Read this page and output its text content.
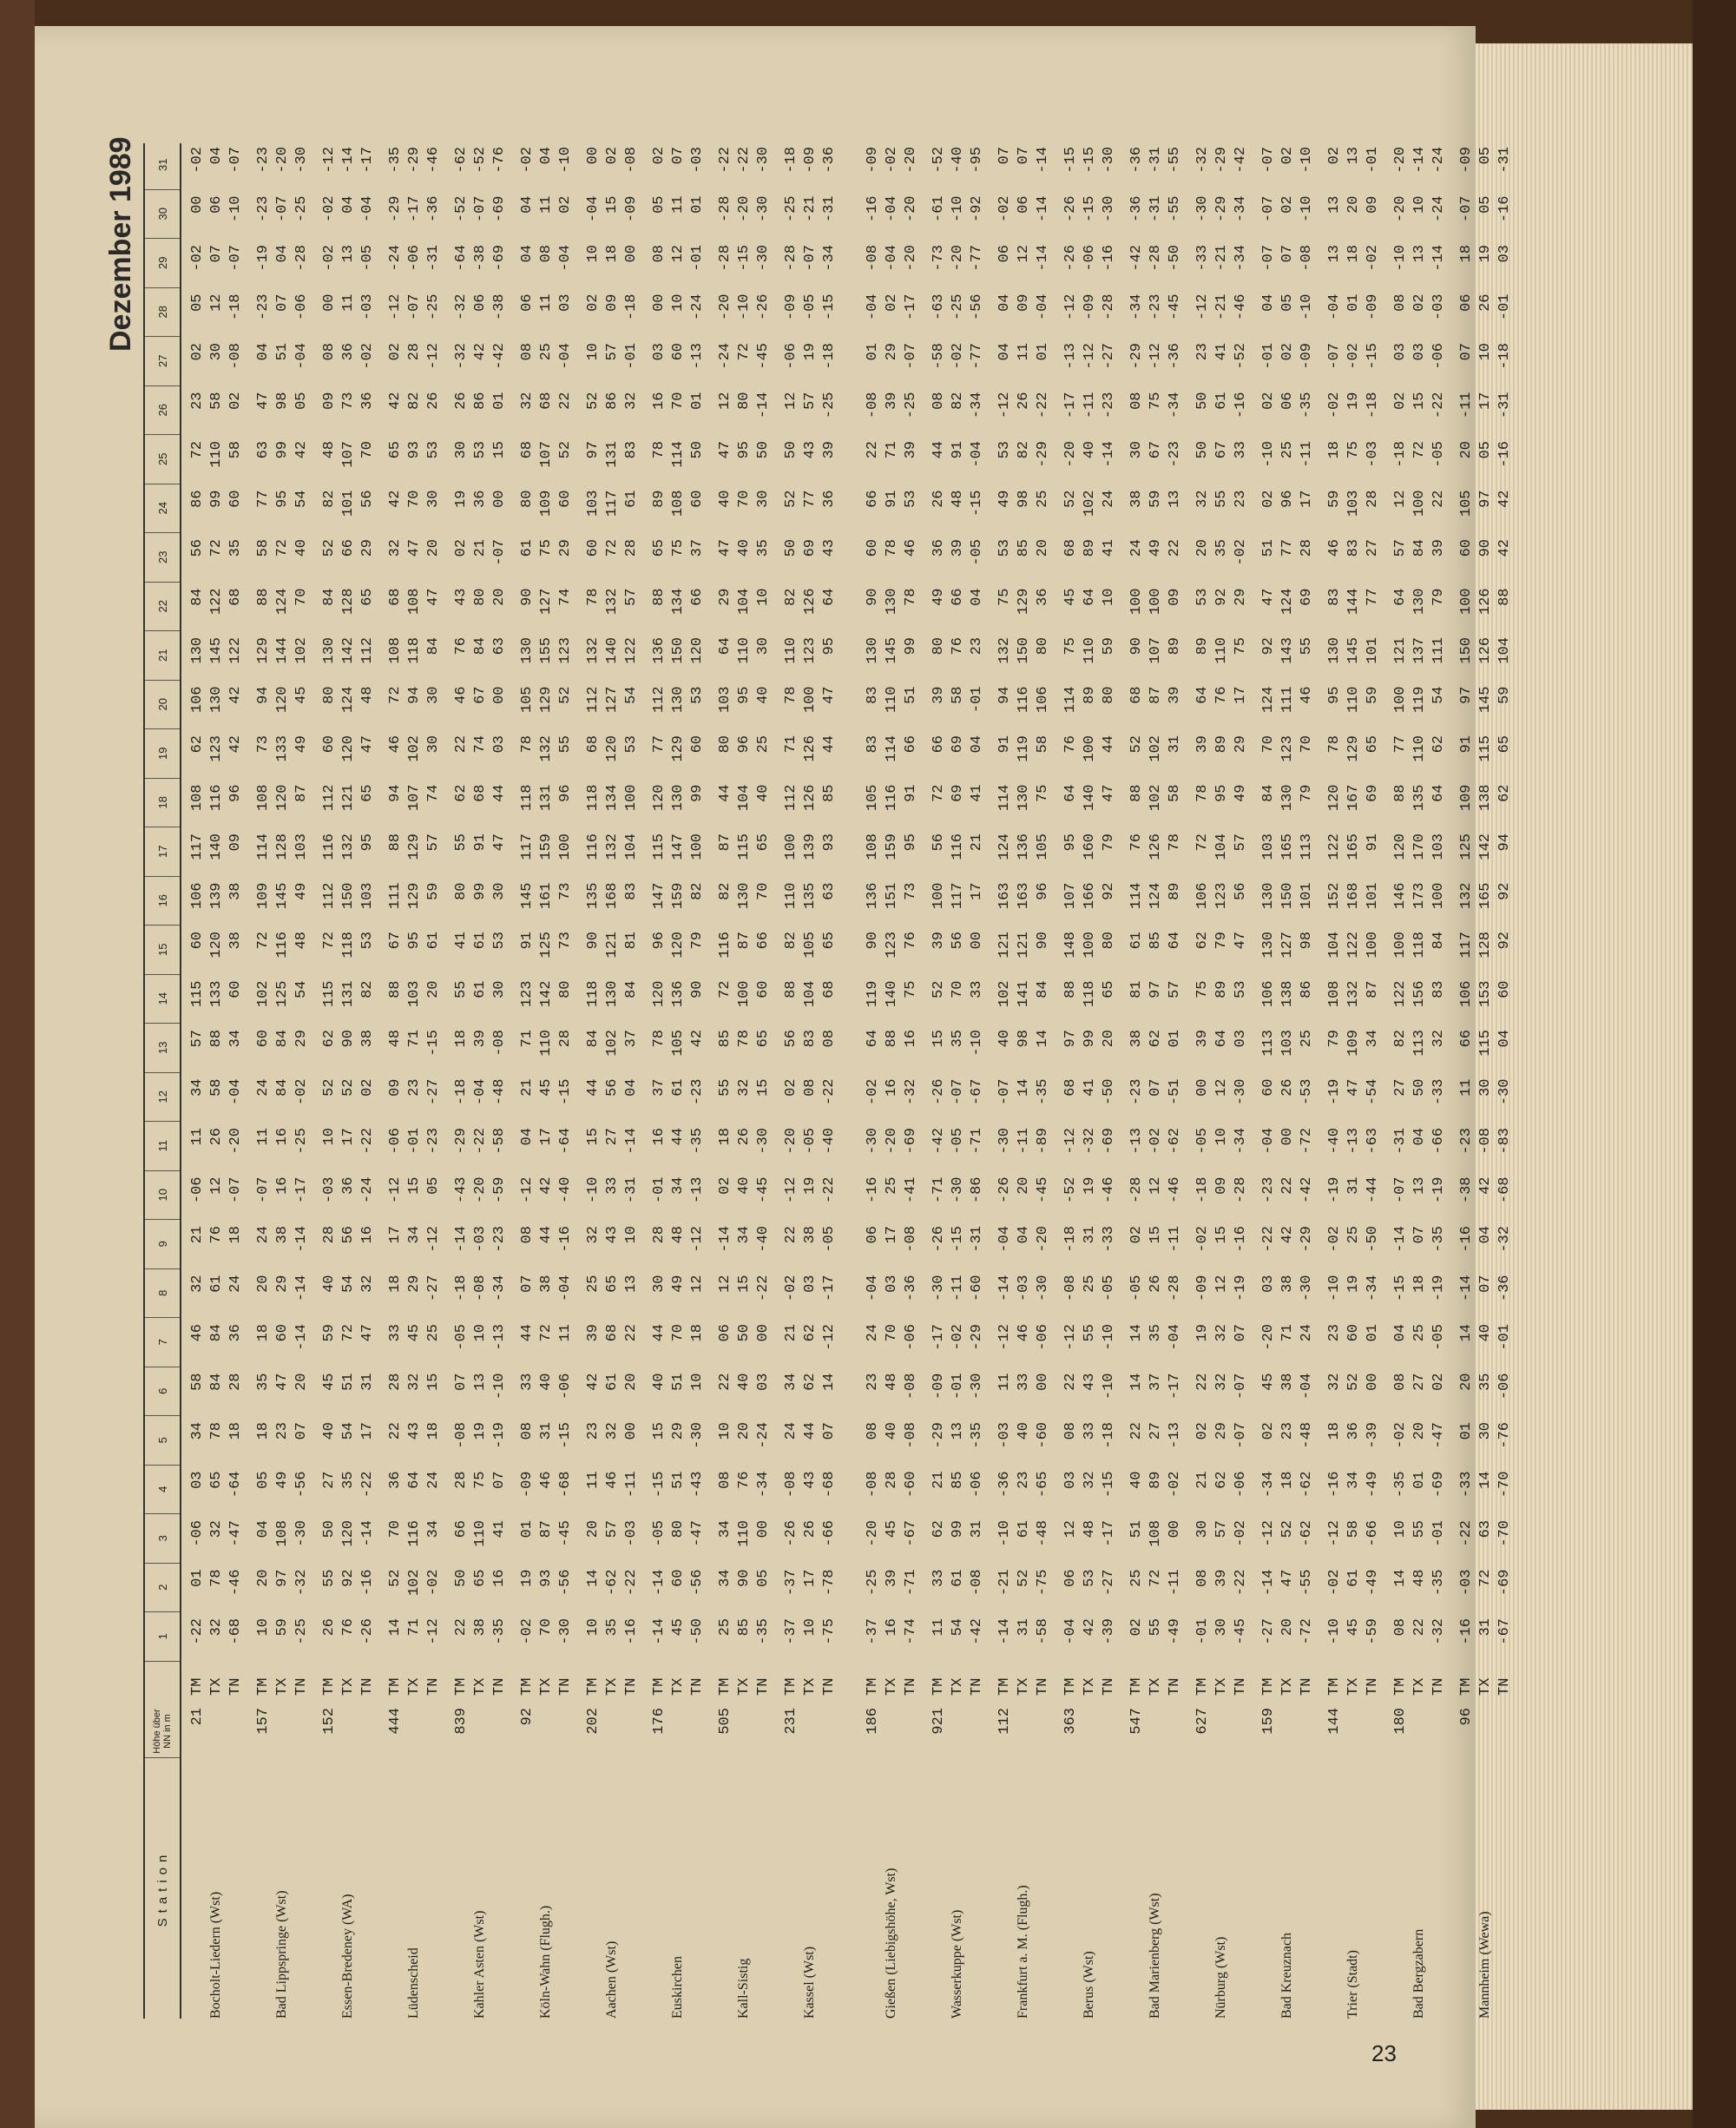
Dezember 1989
Station
Höhe über NN in m
1
2
3
4
5
6
7
8
9
10
11
12
13
14
15
16
17
18
19
20
21
22
23
24
25
26
27
28
29
30
31
Bocholt-Liedern (Wst)
21
TM
-22
01
-06
03
34
58
46
32
21
-06
11
34
57
115
60
106
117
108
62
106
130
84
56
86
72
23
02
05
-02
00
-02
TX
32
78
32
65
78
84
84
61
76
12
26
58
88
133
120
139
140
116
123
130
145
122
72
99
110
58
30
12
07
06
04
TN
-68
-46
-47
-64
18
28
36
24
18
-07
-20
-04
34
60
38
38
09
96
42
42
122
68
35
60
58
02
-08
-18
-07
-10
-07
Bad Lippspringe (Wst)
157
TM
10
20
04
05
18
35
18
20
24
-07
11
24
60
102
72
109
114
108
73
94
129
88
58
77
63
47
04
-23
-19
-23
-23
TX
59
97
108
49
23
47
60
29
38
16
16
84
84
125
116
145
128
120
133
120
144
124
72
95
99
98
51
07
04
-07
-20
TN
-25
-32
-30
-56
07
20
-14
-14
-14
-17
-25
-02
29
54
48
49
103
87
49
45
102
70
40
54
42
05
-04
-06
-28
-25
-30
Essen-Bredeney (WA)
152
TM
26
55
50
27
40
45
59
40
28
-03
10
52
62
115
72
112
116
112
60
80
130
84
52
82
48
09
08
00
-02
-02
-12
TX
76
92
120
35
54
51
72
54
56
36
17
52
90
131
118
150
132
121
120
124
142
128
66
101
107
73
36
11
13
04
-14
TN
-26
-16
-14
-22
17
31
47
32
16
-24
-22
02
38
82
53
103
95
65
47
48
112
65
29
56
70
36
-02
-03
-05
-04
-17
Lüdenscheid
444
TM
14
52
70
36
22
28
33
18
17
-12
-06
09
48
88
67
111
88
94
46
72
108
68
32
42
65
42
02
-12
-24
-29
-35
TX
71
102
116
64
43
32
45
29
34
15
-01
23
71
103
95
129
129
107
102
94
118
108
47
70
93
82
28
-07
-06
-17
-29
TN
-12
-02
34
24
18
15
25
-27
-12
05
-23
-27
-15
20
61
59
57
74
30
30
84
47
20
30
53
26
-12
-25
-31
-36
-46
Kahler Asten (Wst)
839
TM
22
50
66
28
-08
07
-05
-18
-14
-43
-29
-18
18
55
41
80
55
62
22
46
76
43
02
19
30
26
-32
-32
-64
-52
-62
TX
38
65
110
75
19
13
10
-08
-03
-20
-22
-04
39
61
61
99
91
68
74
67
84
80
21
36
53
86
42
06
-38
-07
-52
TN
-35
16
41
07
-19
-10
-13
-34
-23
-59
-58
-48
-08
30
53
30
47
44
03
00
63
20
-07
00
15
01
-42
-38
-69
-69
-76
Köln-Wahn (Flugh.)
92
TM
-02
19
01
-09
08
33
44
07
08
-12
04
21
71
123
91
145
117
118
78
105
130
90
61
80
68
32
08
06
04
04
-02
TX
70
93
87
46
31
40
72
38
44
42
17
45
110
142
125
161
159
131
132
129
155
127
75
109
107
68
25
11
08
11
04
TN
-30
-56
-45
-68
-15
-06
11
-04
-16
-40
-64
-15
28
80
73
73
100
96
55
52
123
74
29
60
52
22
-04
03
-04
02
-10
Aachen (Wst)
202
TM
10
14
20
11
23
42
39
25
32
-10
15
44
84
118
90
135
116
118
68
112
132
78
60
103
97
52
10
02
10
-04
00
TX
35
-62
57
46
32
61
68
65
43
33
27
56
102
130
121
168
132
134
120
127
140
132
72
117
131
86
57
09
18
15
02
TN
-16
-22
-03
-11
00
20
22
13
10
-31
-14
04
37
84
81
83
104
100
53
54
122
57
28
61
83
32
-01
-18
00
-09
-08
Euskirchen
176
TM
-14
-14
-05
-15
15
40
44
30
28
-01
16
37
78
120
96
147
115
120
77
112
136
88
65
89
78
16
03
00
08
05
02
TX
45
60
80
51
29
51
70
49
48
34
44
61
105
136
120
159
147
130
129
130
150
134
75
108
114
70
60
10
12
11
07
TN
-50
-56
-47
-43
-30
10
18
12
-12
-13
-35
-23
42
90
79
82
100
99
60
53
120
66
37
60
50
01
-13
-24
-01
01
-03
Kall-Sistig
505
TM
25
34
34
08
10
22
06
12
-14
02
18
55
85
72
116
82
87
44
80
103
64
29
47
40
47
12
-24
-20
-28
-28
-22
TX
85
90
110
76
20
40
50
15
34
40
26
32
78
100
87
130
115
104
96
95
110
104
40
70
95
80
72
-10
-15
-20
-22
TN
-35
05
00
-34
-24
03
00
-22
-40
-45
-30
15
65
60
66
70
65
40
25
40
30
10
35
30
50
-14
-45
-26
-30
-30
-30
Kassel (Wst)
231
TM
-37
-37
-26
-08
24
34
21
-02
22
-12
-20
02
56
88
82
110
100
112
71
78
110
82
50
52
50
12
-06
-09
-28
-25
-18
TX
10
17
26
43
44
62
62
03
38
19
-05
08
83
104
105
135
139
126
126
100
123
126
69
77
43
57
19
-05
-07
-21
-09
TN
-75
-78
-66
-68
07
14
-12
-17
-05
-22
-40
-22
08
68
65
63
93
85
44
47
95
64
43
36
39
-25
-18
-15
-34
-31
-36
Gießen (Liebigshöhe, Wst)
186
TM
-37
-25
-20
-08
08
23
24
-04
06
-16
-30
-02
64
119
90
136
108
105
83
83
130
90
60
66
22
-08
01
-04
-08
-16
-09
TX
16
39
45
28
40
48
70
03
17
25
-20
16
88
140
123
151
159
116
114
110
145
130
78
91
71
39
29
02
-04
-04
-02
TN
-74
-71
-67
-60
-08
-08
-06
-36
-08
-41
-69
-32
16
75
76
73
95
91
66
51
99
78
46
53
39
-25
-07
-17
-20
-20
-20
Wasserkuppe (Wst)
921
TM
11
33
62
21
-29
-09
-17
-30
-26
-71
-42
-26
15
52
39
100
56
72
66
39
80
49
36
26
44
08
-58
-63
-73
-61
-52
TX
54
61
99
85
13
-01
-02
-11
-15
-30
-05
-07
35
70
56
117
116
69
69
58
76
66
39
48
91
82
-02
-25
-20
-10
-40
TN
-42
-08
31
-06
-35
-30
-29
-60
-31
-86
-71
-67
-10
33
00
17
21
41
04
-01
23
04
-05
-15
-04
-34
-77
-56
-77
-92
-95
Frankfurt a. M. (Flugh.)
112
TM
-14
-21
-10
-36
-03
11
-12
-14
-04
-26
-30
-07
40
102
121
163
124
114
91
94
132
75
53
49
53
-12
04
04
06
-02
07
TX
31
52
61
23
40
33
46
-03
04
20
-11
14
98
141
121
163
136
130
119
116
150
129
85
98
82
26
11
09
12
06
07
TN
-58
-75
-48
-65
-60
00
-06
-30
-20
-45
-89
-35
14
84
90
96
105
75
58
106
80
36
20
25
-29
-22
01
-04
-14
-14
-14
Berus (Wst)
363
TM
-04
06
12
03
08
22
-12
-08
-18
-52
-12
68
97
88
148
107
95
64
76
114
75
45
68
52
-20
-17
-13
-12
-26
-26
-15
TX
42
53
48
32
33
43
55
25
31
19
-32
41
99
118
100
166
160
140
100
89
110
64
89
102
40
-11
-12
-09
-06
-15
-15
TN
-39
-27
-17
-15
-18
-10
-10
-05
-33
-46
-69
-50
20
65
80
92
79
47
44
80
59
10
41
24
-14
-23
-27
-28
-16
-30
-30
Bad Marienberg (Wst)
547
TM
02
25
51
40
22
14
14
-05
02
-28
-13
-23
38
81
61
114
76
88
52
68
90
100
24
38
30
08
-29
-34
-42
-36
-36
TX
55
72
108
89
27
37
35
26
15
12
-02
07
62
97
85
124
126
102
102
87
107
100
49
59
67
75
-12
-23
-28
-31
-31
TN
-49
-11
00
-02
-13
-17
-04
-28
-11
-46
-62
-51
01
57
64
89
78
58
31
39
89
09
22
13
-23
-34
-36
-45
-50
-55
-55
Nürburg (Wst)
627
TM
-01
08
30
21
02
22
19
-09
-02
-18
-05
00
39
75
62
106
72
78
39
64
89
53
20
32
50
50
23
-12
-33
-30
-32
TX
30
39
57
62
29
32
32
12
15
09
10
12
64
89
79
123
104
95
89
76
110
92
35
55
67
61
41
-21
-21
-29
-29
TN
-45
-22
-02
-06
-07
-07
07
-19
-16
-28
-34
-30
03
53
47
56
57
49
29
17
75
29
-02
23
33
-16
-52
-46
-34
-34
-42
Bad Kreuznach
159
TM
-27
-14
-12
-34
02
45
-20
03
-22
-23
-04
60
113
106
130
130
103
84
70
124
92
47
51
02
-10
02
-01
04
-07
-07
-07
TX
20
47
52
18
23
38
71
38
42
22
00
26
103
138
127
150
165
130
123
111
143
124
77
96
25
06
02
05
07
02
02
TN
-72
-55
-62
-62
-48
-04
24
-30
-29
-42
-72
-53
25
86
98
101
113
79
70
46
55
69
28
17
-11
-35
-09
-10
-08
-10
-10
Trier (Stadt)
144
TM
-10
-02
-12
-16
18
32
23
-10
-02
-19
-40
-19
79
108
104
152
122
120
78
95
130
83
46
59
18
-02
-07
-04
13
13
02
TX
45
61
58
34
36
52
60
19
25
31
-13
47
109
132
122
168
165
167
129
110
145
144
83
103
75
19
-02
01
18
20
13
TN
-59
-49
-66
-49
-39
00
01
-34
-50
-44
-63
-54
34
87
100
101
91
69
65
59
101
77
27
28
-03
-18
-15
-09
-02
09
-01
Bad Bergzabern
180
TM
08
14
10
-35
-02
08
04
-15
-14
-07
-31
27
82
122
100
146
120
88
77
100
121
64
57
12
-18
02
03
08
-10
-20
-20
TX
22
48
55
01
20
27
25
18
07
13
04
50
113
156
118
173
170
135
110
119
137
130
84
100
72
15
03
02
13
10
-14
TN
-32
-35
-01
-69
-47
02
-05
-19
-35
-19
-66
-33
32
83
84
100
103
64
62
54
111
79
39
22
-05
-22
-06
-03
-14
-24
-24
Mannheim (Wewa)
96
TM
-16
-03
-22
-33
01
20
14
-14
-16
-38
-23
11
66
106
117
132
125
109
91
97
150
100
60
105
20
-11
07
06
18
-07
-09
TX
31
72
63
14
30
35
40
07
04
42
-08
30
115
153
128
165
142
138
115
145
126
126
90
97
05
17
10
26
19
05
05
TN
-67
-69
-70
-70
-76
-06
-01
-36
-32
-68
-83
-30
04
60
92
92
94
62
65
59
104
88
42
42
-16
-31
-18
-01
03
-16
-31
23
